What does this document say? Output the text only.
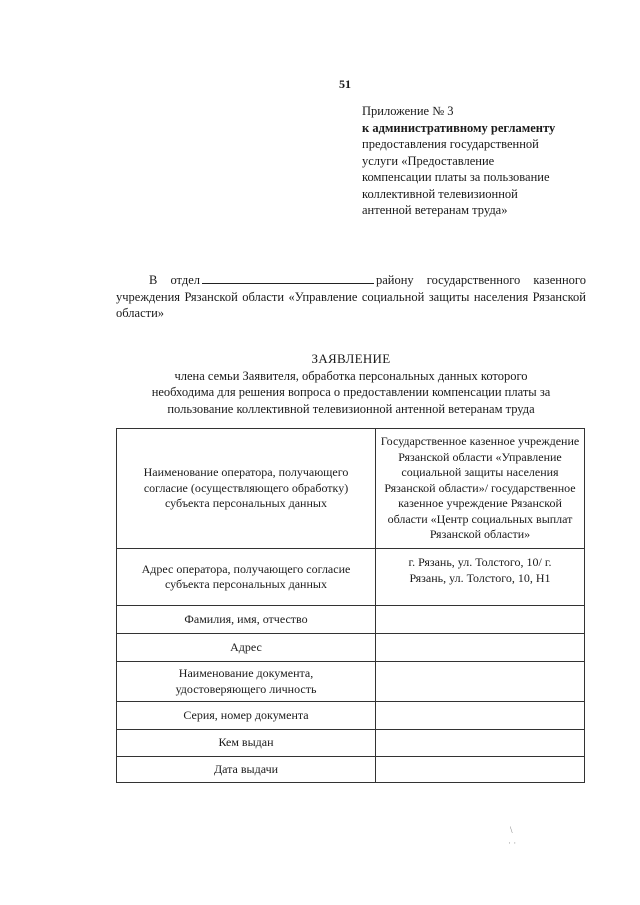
51
Приложение № 3
к административному регламенту
предоставления государственной
услуги «Предоставление
компенсации платы за пользование
коллективной телевизионной
антенной ветеранам труда»
В отдел	району государственного казенного учреждения Рязанской области «Управление социальной защиты населения Рязанской области»
ЗАЯВЛЕНИЕ
члена семьи Заявителя, обработка персональных данных которого
необходима для решения вопроса о предоставлении компенсации платы за
пользование коллективной телевизионной антенной ветеранам труда
Наименование оператора, получающего согласие (осуществляющего обработку) субъекта персональных данных	Государственное казенное учреждение Рязанской области «Управление социальной защиты населения Рязанской области»/ государственное казенное учреждение Рязанской области «Центр социальных выплат Рязанской области»
Адрес оператора, получающего согласие субъекта персональных данных	г. Рязань, ул. Толстого, 10/ г. Рязань, ул. Толстого, 10, Н1
Фамилия, имя, отчество	
Адрес	
Наименование документа, удостоверяющего личность	
Серия, номер документа	
Кем выдан	
Дата выдачи	
\
· ·
